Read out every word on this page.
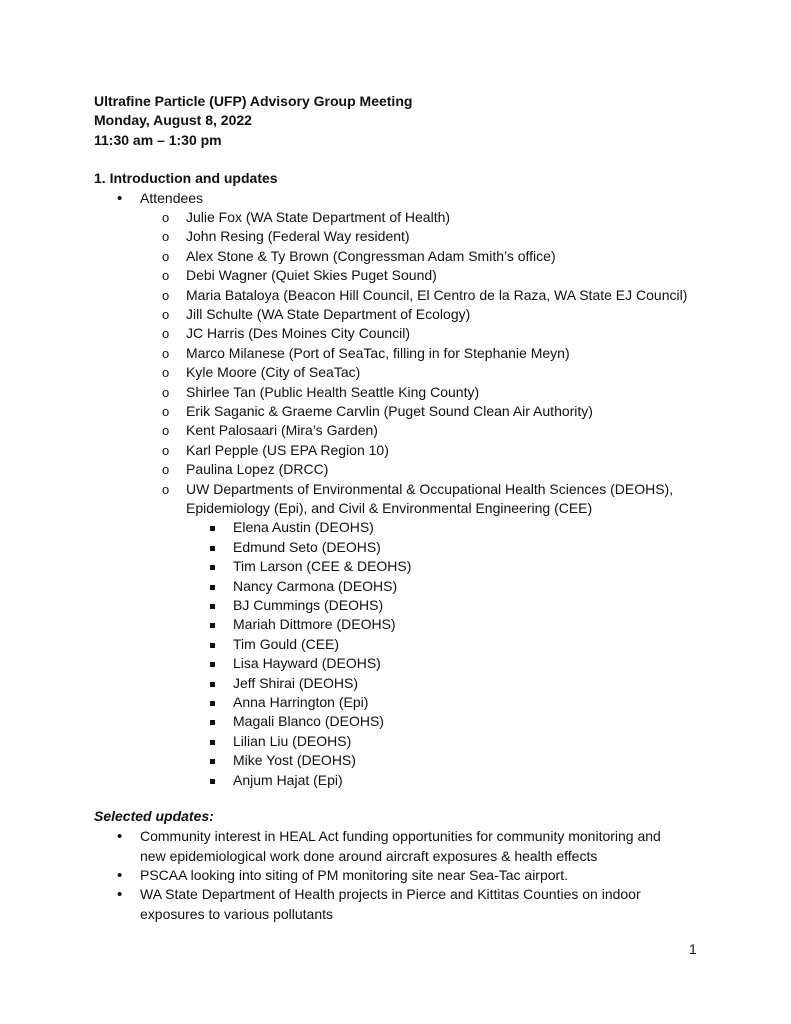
Ultrafine Particle (UFP) Advisory Group Meeting
Monday, August 8, 2022
11:30 am – 1:30 pm
1. Introduction and updates
• Attendees
o Julie Fox (WA State Department of Health)
o John Resing (Federal Way resident)
o Alex Stone & Ty Brown (Congressman Adam Smith’s office)
o Debi Wagner (Quiet Skies Puget Sound)
o Maria Bataloya (Beacon Hill Council, El Centro de la Raza, WA State EJ Council)
o Jill Schulte (WA State Department of Ecology)
o JC Harris (Des Moines City Council)
o Marco Milanese (Port of SeaTac, filling in for Stephanie Meyn)
o Kyle Moore (City of SeaTac)
o Shirlee Tan (Public Health Seattle King County)
o Erik Saganic & Graeme Carvlin (Puget Sound Clean Air Authority)
o Kent Palosaari (Mira’s Garden)
o Karl Pepple (US EPA Region 10)
o Paulina Lopez (DRCC)
o UW Departments of Environmental & Occupational Health Sciences (DEOHS),
Epidemiology (Epi), and Civil & Environmental Engineering (CEE)
Elena Austin (DEOHS)
Edmund Seto (DEOHS)
Tim Larson (CEE & DEOHS)
Nancy Carmona (DEOHS)
BJ Cummings (DEOHS)
Mariah Dittmore (DEOHS)
Tim Gould (CEE)
Lisa Hayward (DEOHS)
Jeff Shirai (DEOHS)
Anna Harrington (Epi)
Magali Blanco (DEOHS)
Lilian Liu (DEOHS)
Mike Yost (DEOHS)
Anjum Hajat (Epi)
Selected updates:
• Community interest in HEAL Act funding opportunities for community monitoring and
new epidemiological work done around aircraft exposures & health effects
• PSCAA looking into siting of PM monitoring site near Sea-Tac airport.
• WA State Department of Health projects in Pierce and Kittitas Counties on indoor
exposures to various pollutants
1
